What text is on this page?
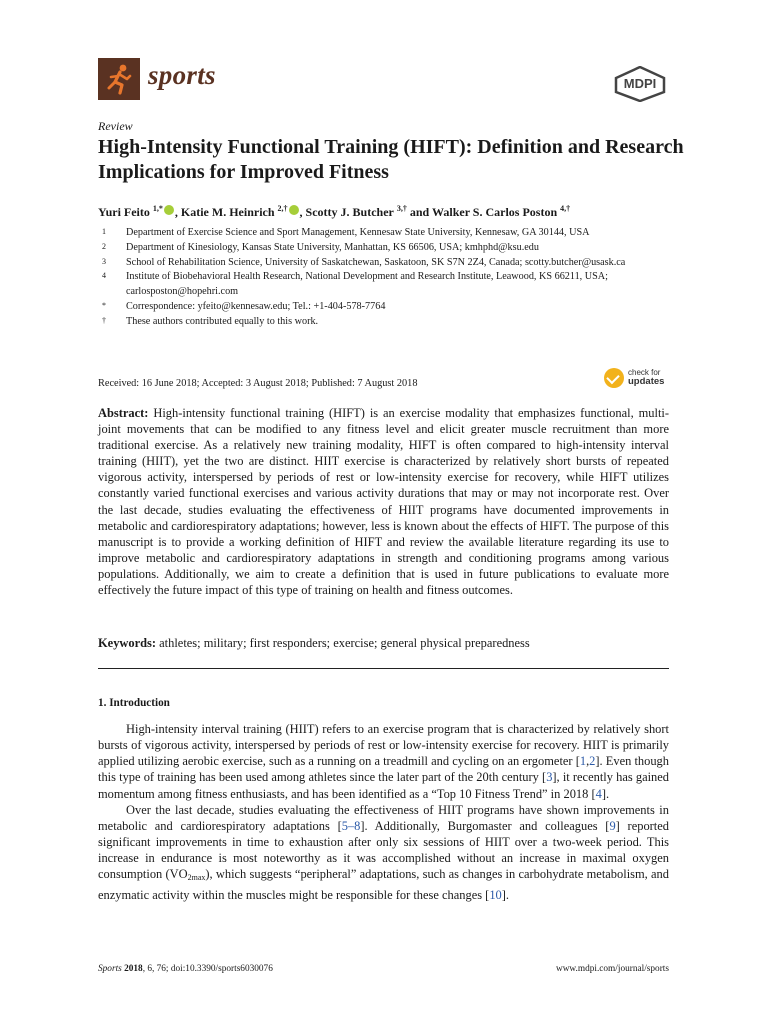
sports	MDPI
Review
High-Intensity Functional Training (HIFT): Definition and Research Implications for Improved Fitness
Yuri Feito $^{1,*}$ , Katie M. Heinrich $^{2,\dagger}$ , Scotty J. Butcher $^{3,\dagger}$ and Walker S. Carlos Poston $^{4,\dagger}$
1	Department of Exercise Science and Sport Management, Kennesaw State University, Kennesaw, GA 30144, USA
2	Department of Kinesiology, Kansas State University, Manhattan, KS 66506, USA; kmhphd@ksu.edu
3	School of Rehabilitation Science, University of Saskatchewan, Saskatoon, SK S7N 2Z4, Canada; scotty.butcher@usask.ca
4	Institute of Biobehavioral Health Research, National Development and Research Institute, Leawood, KS 66211, USA; carlosposton@hopehri.com
*	Correspondence: yfeito@kennesaw.edu; Tel.: +1-404-578-7764
†	These authors contributed equally to this work.
Received: 16 June 2018; Accepted: 3 August 2018; Published: 7 August 2018
check for
updates
Abstract: High-intensity functional training (HIFT) is an exercise modality that emphasizes functional, multi-joint movements that can be modified to any fitness level and elicit greater muscle recruitment than more traditional exercise. As a relatively new training modality, HIFT is often compared to high-intensity interval training (HIIT), yet the two are distinct. HIIT exercise is characterized by relatively short bursts of repeated vigorous activity, interspersed by periods of rest or low-intensity exercise for recovery, while HIFT utilizes constantly varied functional exercises and various activity durations that may or may not incorporate rest. Over the last decade, studies evaluating the effectiveness of HIIT programs have documented improvements in metabolic and cardiorespiratory adaptations; however, less is known about the effects of HIFT. The purpose of this manuscript is to provide a working definition of HIFT and review the available literature regarding its use to improve metabolic and cardiorespiratory adaptations in strength and conditioning programs among various populations. Additionally, we aim to create a definition that is used in future publications to evaluate more effectively the future impact of this type of training on health and fitness outcomes.
Keywords: athletes; military; first responders; exercise; general physical preparedness
1. Introduction

High-intensity interval training (HIIT) refers to an exercise program that is characterized by relatively short bursts of vigorous activity, interspersed by periods of rest or low-intensity exercise for recovery. HIIT is primarily applied utilizing aerobic exercise, such as a running on a treadmill and cycling on an ergometer [1,2]. Even though this type of training has been used among athletes since the later part of the 20th century [3], it recently has gained momentum among fitness enthusiasts, and has been identified as a “Top 10 Fitness Trend” in 2018 [4].

Over the last decade, studies evaluating the effectiveness of HIIT programs have shown improvements in metabolic and cardiorespiratory adaptations [5–8]. Additionally, Burgomaster and colleagues [9] reported significant improvements in time to exhaustion after only six sessions of HIIT over a two-week period. This increase in endurance is most noteworthy as it was accomplished without an increase in maximal oxygen consumption $(VO_{2max})$, which suggests “peripheral” adaptations, such as changes in carbohydrate metabolism, and enzymatic activity within the muscles might be responsible for these changes [10].

Sports 2018, 6, 76; doi:10.3390/sports6030076	www.mdpi.com/journal/sports
